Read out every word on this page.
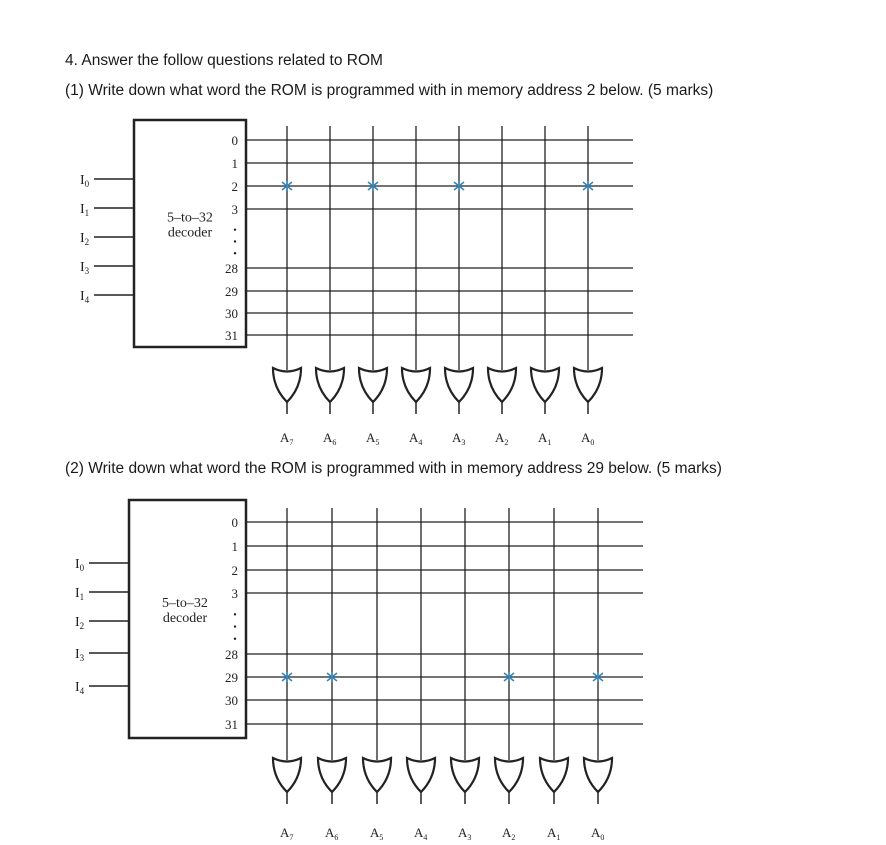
4. Answer the follow questions related to ROM

(1) Write down what word the ROM is programmed with in memory address 2 below. (5 marks)

(2) Write down what word the ROM is programmed with in memory address 29 below. (5 marks)

5–to–32
decoder
$I_0$
$I_1$
$I_2$
$I_3$
$I_4$
0
1
2
3
28
29
30
31
$A_7$ $A_6$ $A_5$ $A_4$ $A_3$ $A_2$ $A_1$ $A_0$
5–to–32
decoder
$I_0$
$I_1$
$I_2$
$I_3$
$I_4$
0
1
2
3
28
29
30
31
$A_7$ $A_6$ $A_5$ $A_4$ $A_3$ $A_2$ $A_1$ $A_0$
